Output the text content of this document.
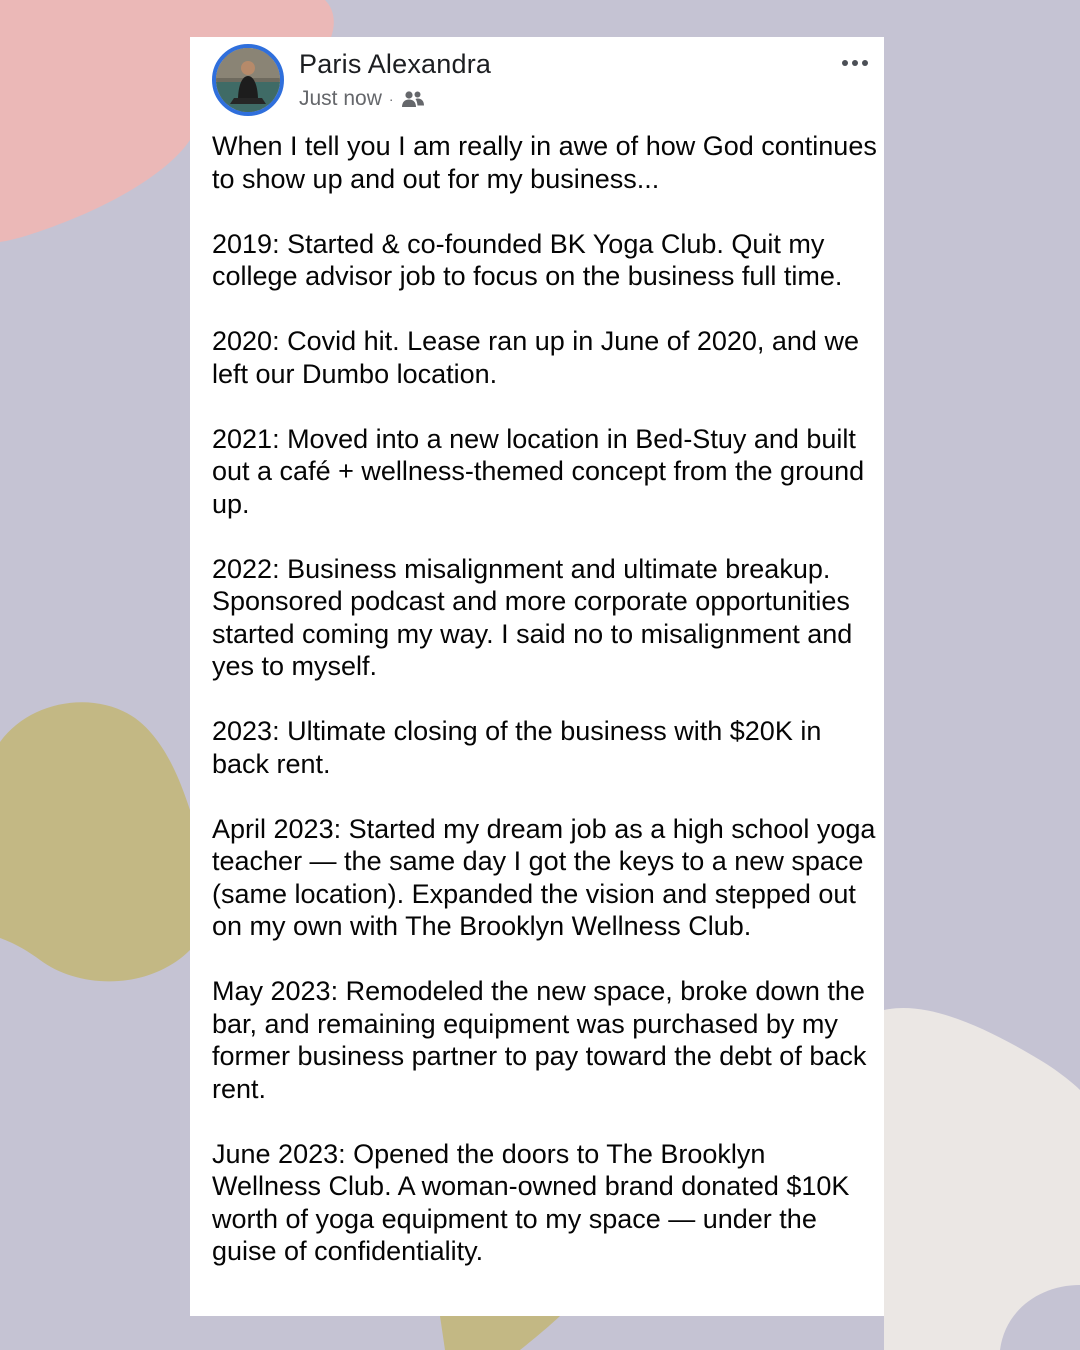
Paris Alexandra
Just now ·

When I tell you I am really in awe of how God continues to show up and out for my business...

2019: Started & co-founded BK Yoga Club. Quit my college advisor job to focus on the business full time.

2020: Covid hit. Lease ran up in June of 2020, and we left our Dumbo location.

2021: Moved into a new location in Bed-Stuy and built out a café + wellness-themed concept from the ground up.

2022: Business misalignment and ultimate breakup. Sponsored podcast and more corporate opportunities started coming my way. I said no to misalignment and yes to myself.

2023: Ultimate closing of the business with $20K in back rent.

April 2023: Started my dream job as a high school yoga teacher — the same day I got the keys to a new space (same location). Expanded the vision and stepped out on my own with The Brooklyn Wellness Club.

May 2023: Remodeled the new space, broke down the bar, and remaining equipment was purchased by my former business partner to pay toward the debt of back rent.

June 2023: Opened the doors to The Brooklyn Wellness Club. A woman-owned brand donated $10K worth of yoga equipment to my space — under the guise of confidentiality.
